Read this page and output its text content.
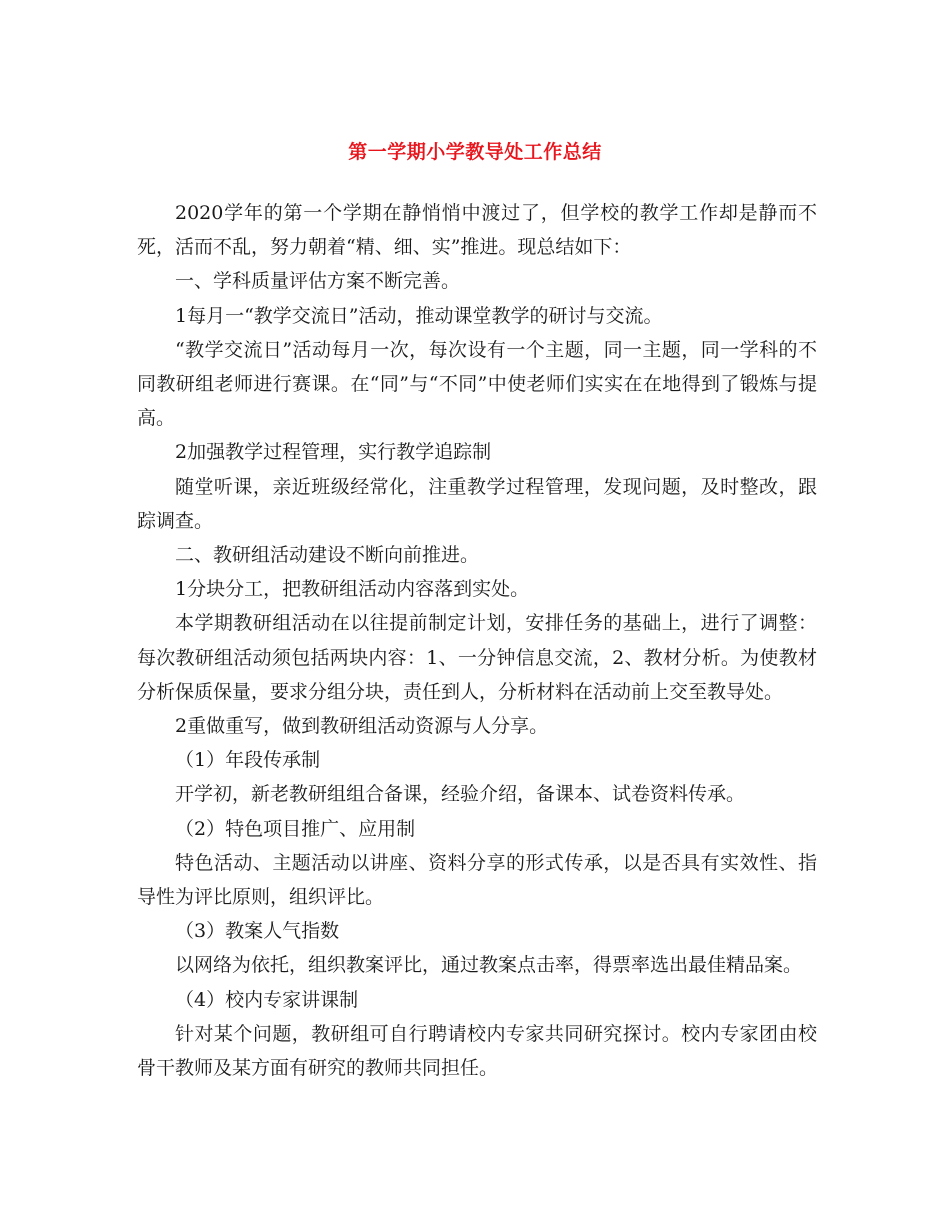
第一学期小学教导处工作总结

2020学年的第一个学期在静悄悄中渡过了，但学校的教学工作却是静而不死，活而不乱，努力朝着“精、细、实”推进。现总结如下：

一、学科质量评估方案不断完善。

1每月一“教学交流日”活动，推动课堂教学的研讨与交流。

“教学交流日”活动每月一次，每次设有一个主题，同一主题，同一学科的不同教研组老师进行赛课。在“同”与“不同”中使老师们实实在在地得到了锻炼与提高。

2加强教学过程管理，实行教学追踪制

随堂听课，亲近班级经常化，注重教学过程管理，发现问题，及时整改，跟踪调查。

二、教研组活动建设不断向前推进。

1分块分工，把教研组活动内容落到实处。

本学期教研组活动在以往提前制定计划，安排任务的基础上，进行了调整：每次教研组活动须包括两块内容：1、一分钟信息交流，2、教材分析。为使教材分析保质保量，要求分组分块，责任到人，分析材料在活动前上交至教导处。

2重做重写，做到教研组活动资源与人分享。

（1）年段传承制

开学初，新老教研组组合备课，经验介绍，备课本、试卷资料传承。

（2）特色项目推广、应用制

特色活动、主题活动以讲座、资料分享的形式传承，以是否具有实效性、指导性为评比原则，组织评比。

（3）教案人气指数

以网络为依托，组织教案评比，通过教案点击率，得票率选出最佳精品案。

（4）校内专家讲课制

针对某个问题，教研组可自行聘请校内专家共同研究探讨。校内专家团由校骨干教师及某方面有研究的教师共同担任。
